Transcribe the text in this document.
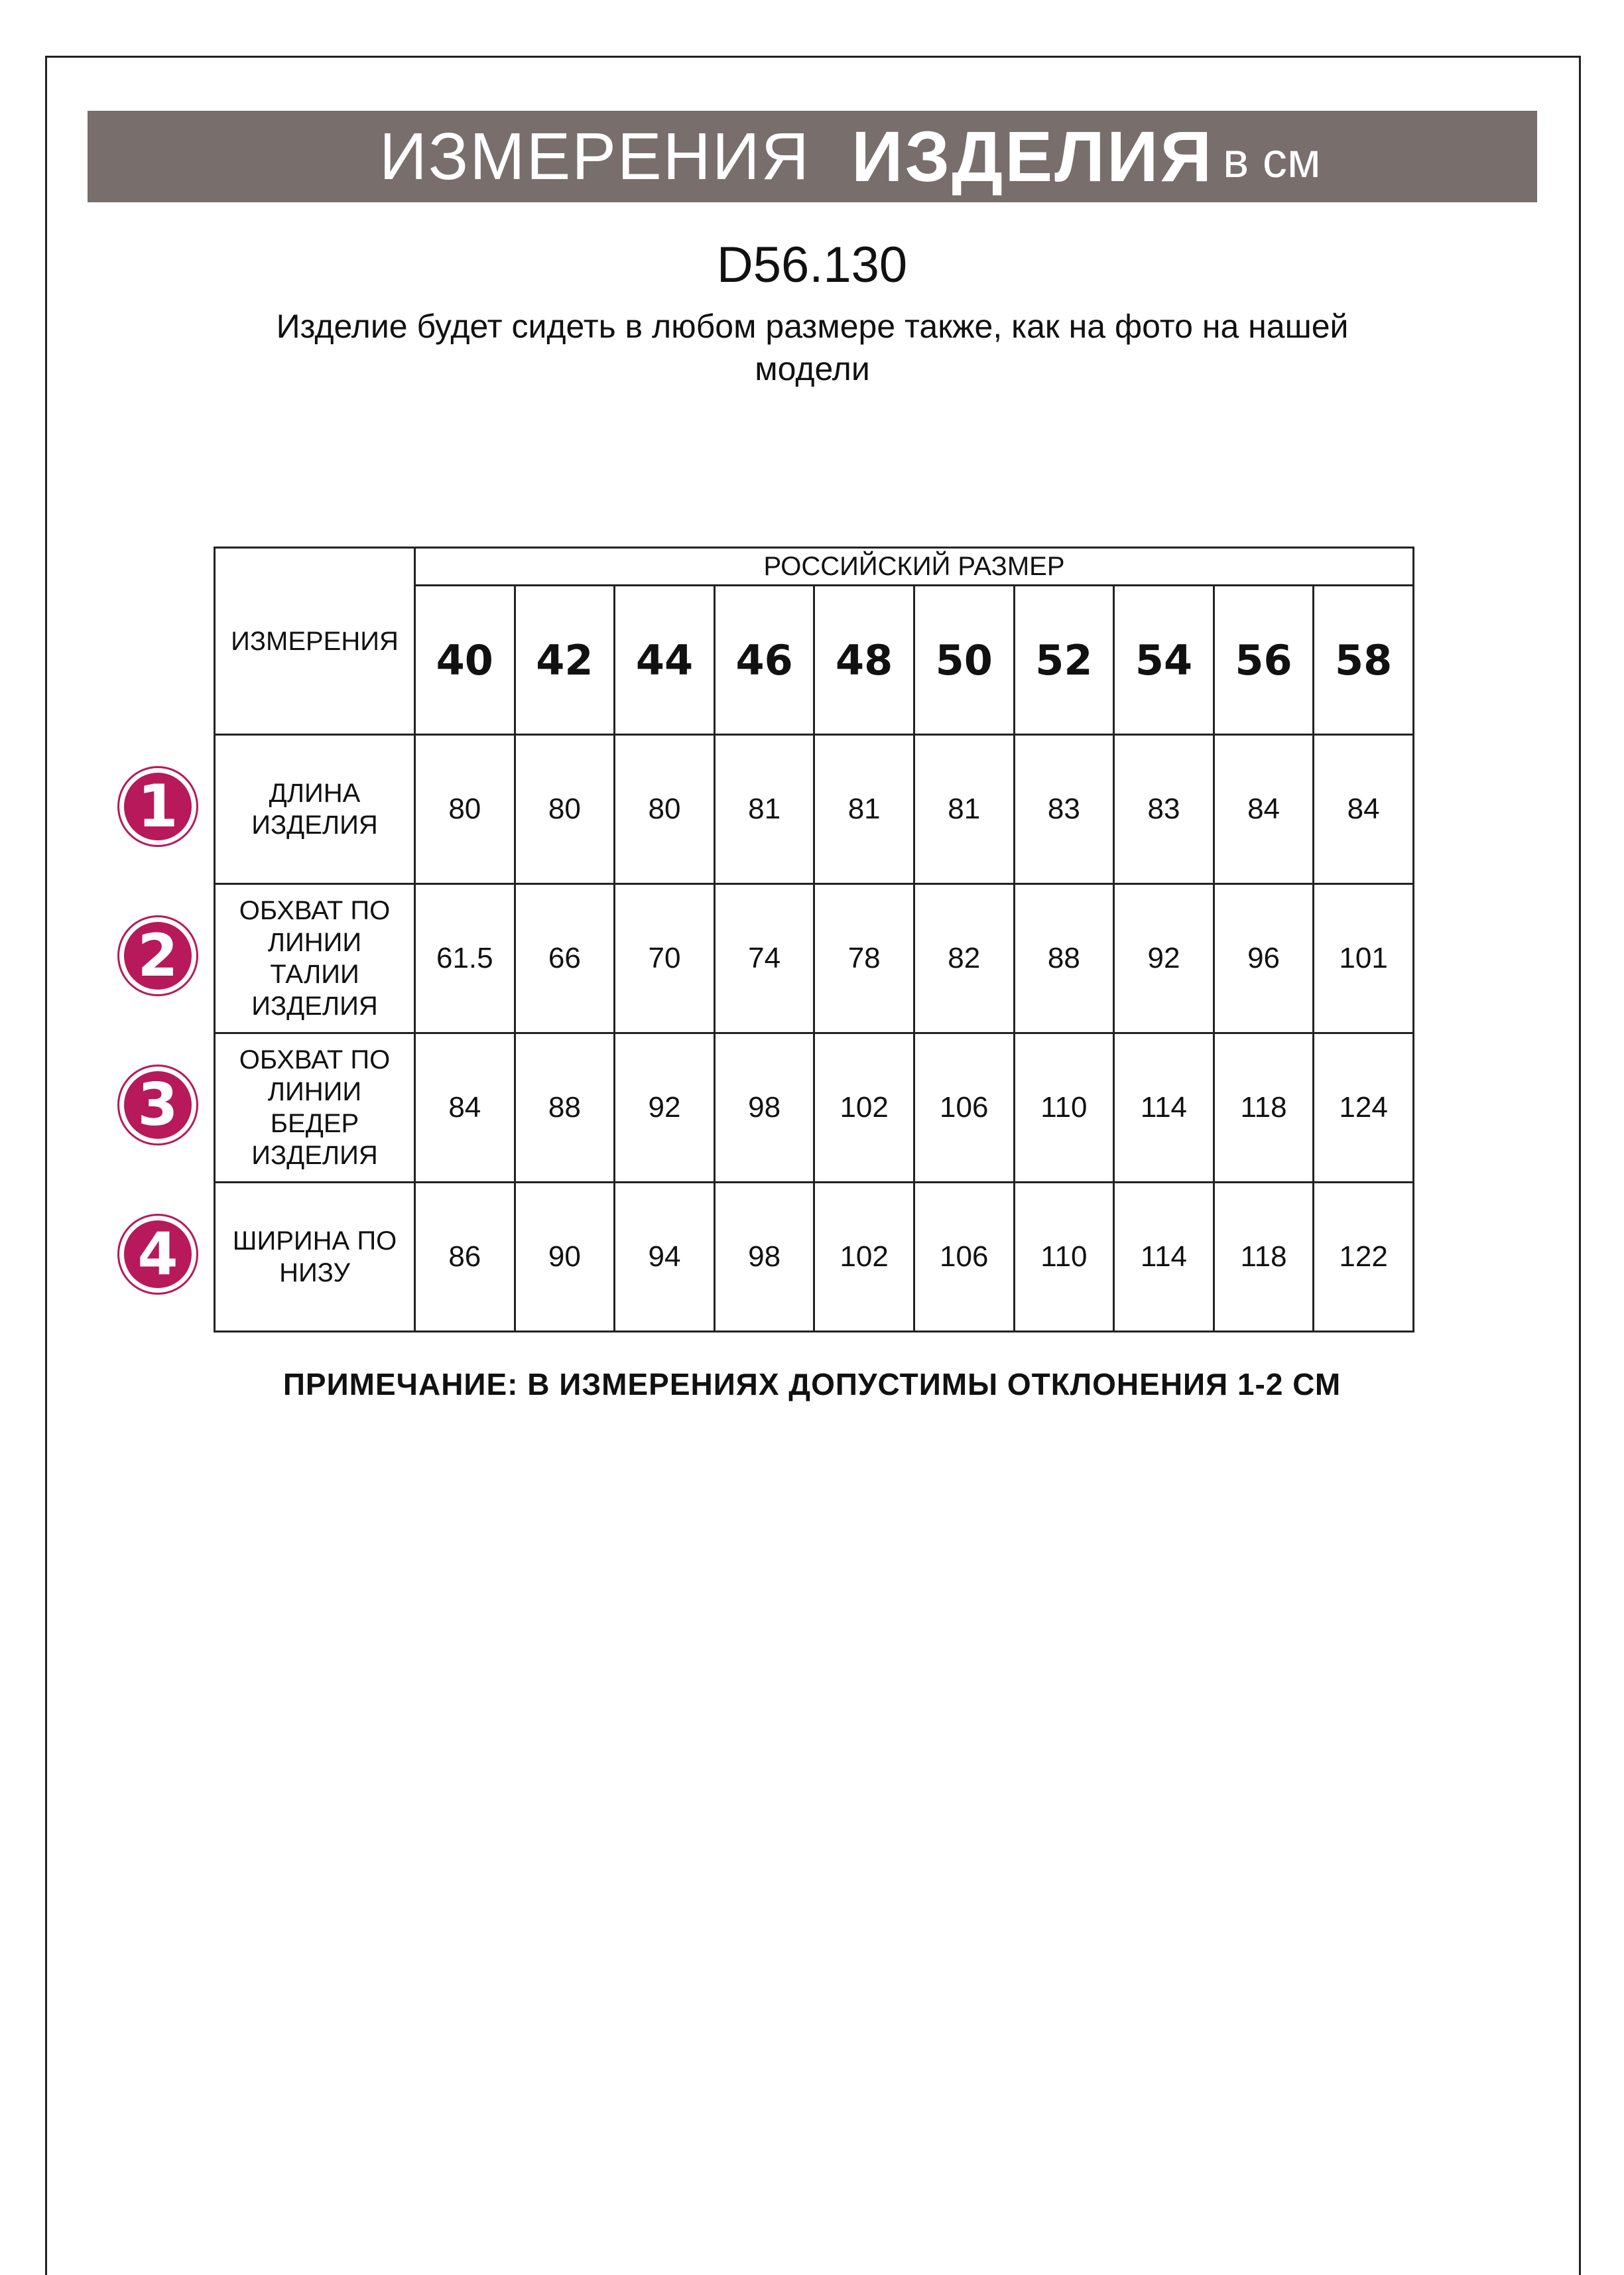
ИЗМЕРЕНИЯ ИЗДЕЛИЯ в см
D56.130
Изделие будет сидеть в любом размере также, как на фото на нашей модели
ИЗМЕРЕНИЯ	РОССИЙСКИЙ РАЗМЕР									
	40	42	44	46	48	50	52	54	56	58
ДЛИНА
ИЗДЕЛИЯ	80	80	80	81	81	81	83	83	84	84
ОБХВАТ ПО
ЛИНИИ
ТАЛИИ
ИЗДЕЛИЯ	61.5	66	70	74	78	82	88	92	96	101
ОБХВАТ ПО
ЛИНИИ
БЕДЕР
ИЗДЕЛИЯ	84	88	92	98	102	106	110	114	118	124
ШИРИНА ПО
НИЗУ	86	90	94	98	102	106	110	114	118	122
1
2
3
4
ПРИМЕЧАНИЕ: В ИЗМЕРЕНИЯХ ДОПУСТИМЫ ОТКЛОНЕНИЯ 1-2 СМ
